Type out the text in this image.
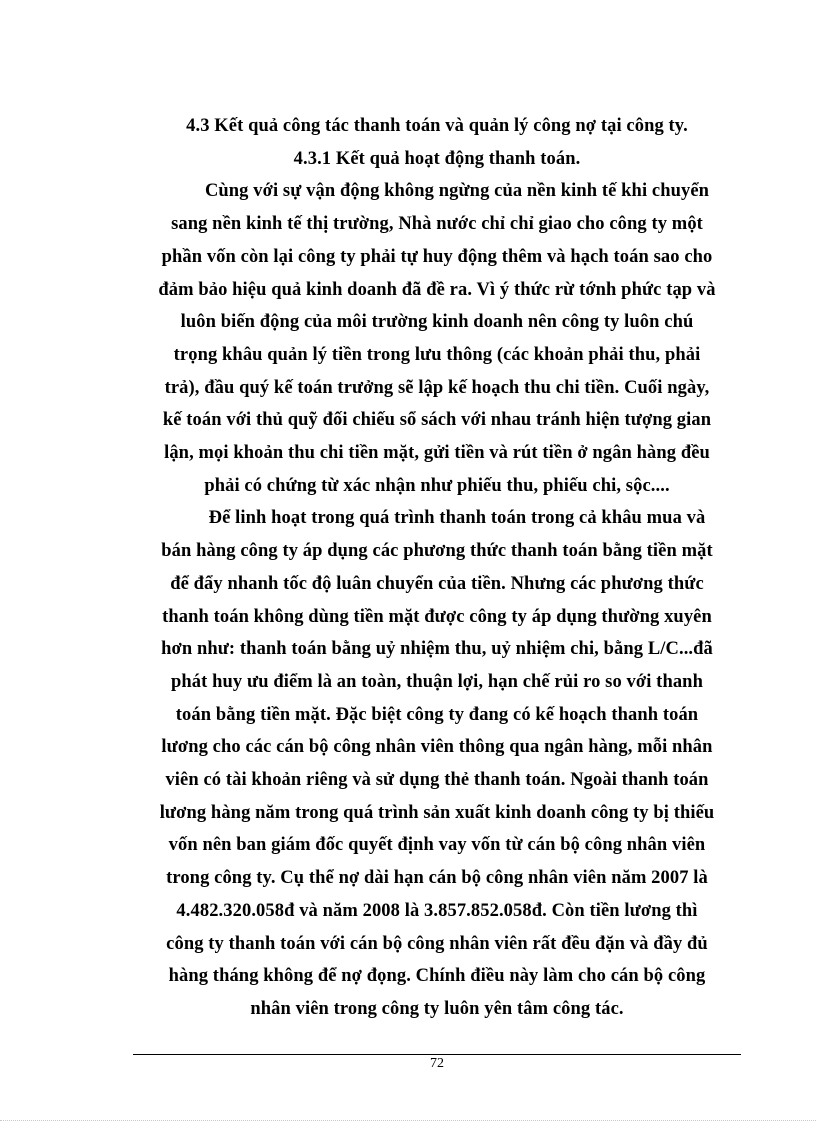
4.3 Kết quả công tác thanh toán và quản lý công nợ tại công ty.
4.3.1 Kết quả hoạt động thanh toán.
Cùng với sự vận động không ngừng của nền kinh tế khi chuyển
sang nền kinh tế thị trường, Nhà nước chỉ chỉ giao cho công ty một
phần vốn còn lại công ty phải tự huy động thêm và hạch toán sao cho
đảm bảo hiệu quả kinh doanh đã đề ra. Vì ý thức rừ tớnh phức tạp và
luôn biến động của môi trường kinh doanh nên công ty luôn chú
trọng khâu quản lý tiền trong lưu thông (các khoản phải thu, phải
trả), đầu quý kế toán trưởng sẽ lập kế hoạch thu chi tiền. Cuối ngày,
kế toán với thủ quỹ đối chiếu sổ sách với nhau tránh hiện tượng gian
lận, mọi khoản thu chi tiền mặt, gửi tiền và rút tiền ở ngân hàng đều
phải có chứng từ xác nhận như phiếu thu, phiếu chi, sộc....
Để linh hoạt trong quá trình thanh toán trong cả khâu mua và
bán hàng công ty áp dụng các phương thức thanh toán bằng tiền mặt
để đẩy nhanh tốc độ luân chuyển của tiền. Nhưng các phương thức
thanh toán không dùng tiền mặt được công ty áp dụng thường xuyên
hơn như: thanh toán bằng uỷ nhiệm thu, uỷ nhiệm chi, bằng L/C...đã
phát huy ưu điểm là an toàn, thuận lợi, hạn chế rủi ro so với thanh
toán bằng tiền mặt. Đặc biệt công ty đang có kế hoạch thanh toán
lương cho các cán bộ công nhân viên thông qua ngân hàng, mỗi nhân
viên có tài khoản riêng và sử dụng thẻ thanh toán. Ngoài thanh toán
lương hàng năm trong quá trình sản xuất kinh doanh công ty bị thiếu
vốn nên ban giám đốc quyết định vay vốn từ cán bộ công nhân viên
trong công ty. Cụ thể nợ dài hạn cán bộ công nhân viên năm 2007 là
4.482.320.058đ và năm 2008 là 3.857.852.058đ. Còn tiền lương thì
công ty thanh toán với cán bộ công nhân viên rất đều đặn và đầy đủ
hàng tháng không để nợ đọng. Chính điều này làm cho cán bộ công
nhân viên trong công ty luôn yên tâm công tác.
72
